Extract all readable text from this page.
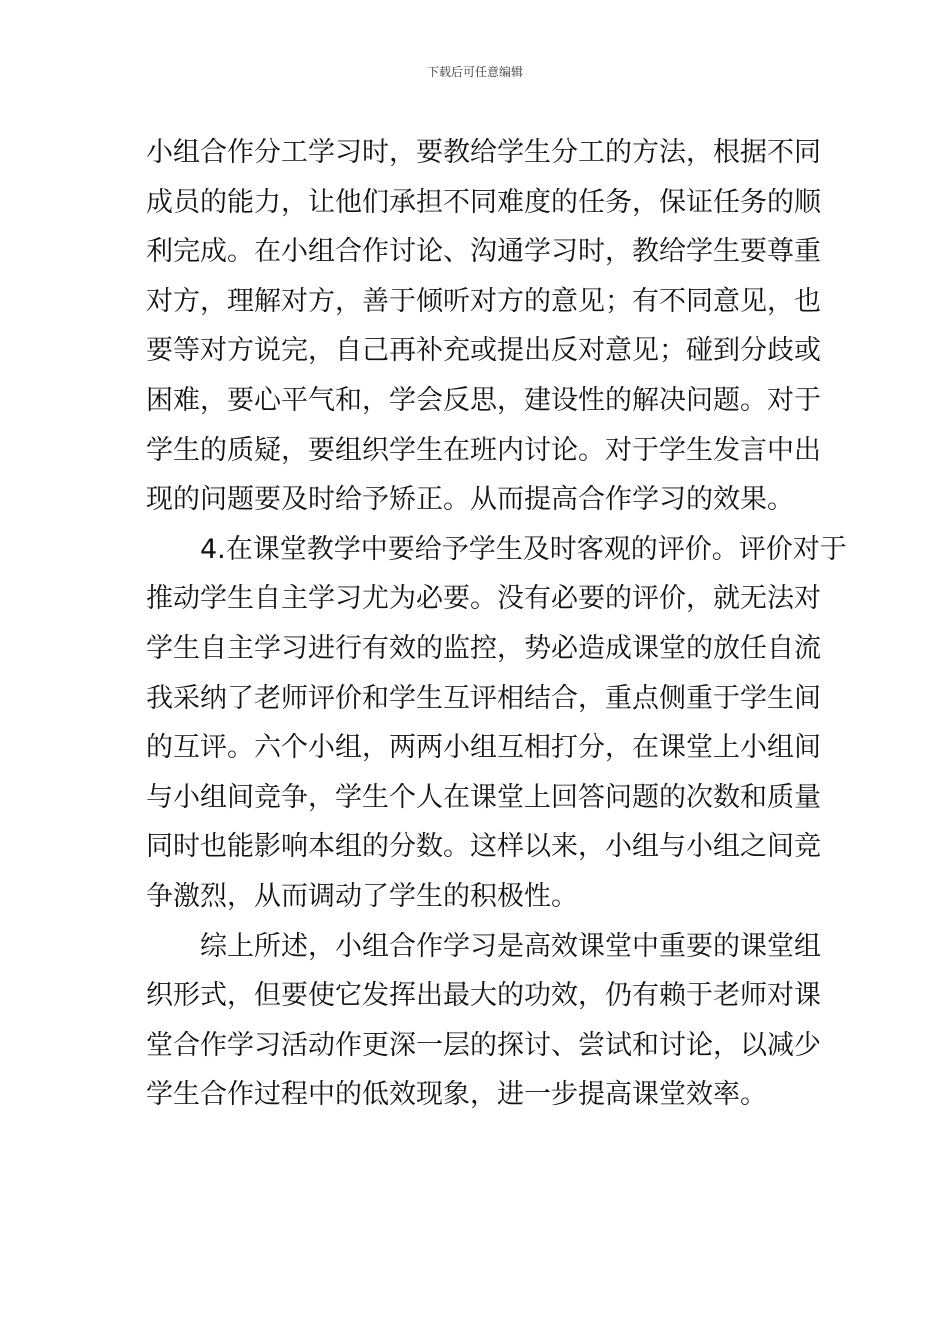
下载后可任意编辑
小组合作分工学习时，要教给学生分工的方法，根据不同
成员的能力，让他们承担不同难度的任务，保证任务的顺
利完成。在小组合作讨论、沟通学习时，教给学生要尊重
对方，理解对方，善于倾听对方的意见；有不同意见，也
要等对方说完，自己再补充或提出反对意见；碰到分歧或
困难，要心平气和，学会反思，建设性的解决问题。对于
学生的质疑，要组织学生在班内讨论。对于学生发言中出
现的问题要及时给予矫正。从而提高合作学习的效果。
4.在课堂教学中要给予学生及时客观的评价。评价对于
推动学生自主学习尤为必要。没有必要的评价，就无法对
学生自主学习进行有效的监控，势必造成课堂的放任自流
我采纳了老师评价和学生互评相结合，重点侧重于学生间
的互评。六个小组，两两小组互相打分，在课堂上小组间
与小组间竞争，学生个人在课堂上回答问题的次数和质量
同时也能影响本组的分数。这样以来，小组与小组之间竞
争激烈，从而调动了学生的积极性。
综上所述，小组合作学习是高效课堂中重要的课堂组
织形式，但要使它发挥出最大的功效，仍有赖于老师对课
堂合作学习活动作更深一层的探讨、尝试和讨论，以减少
学生合作过程中的低效现象，进一步提高课堂效率。
